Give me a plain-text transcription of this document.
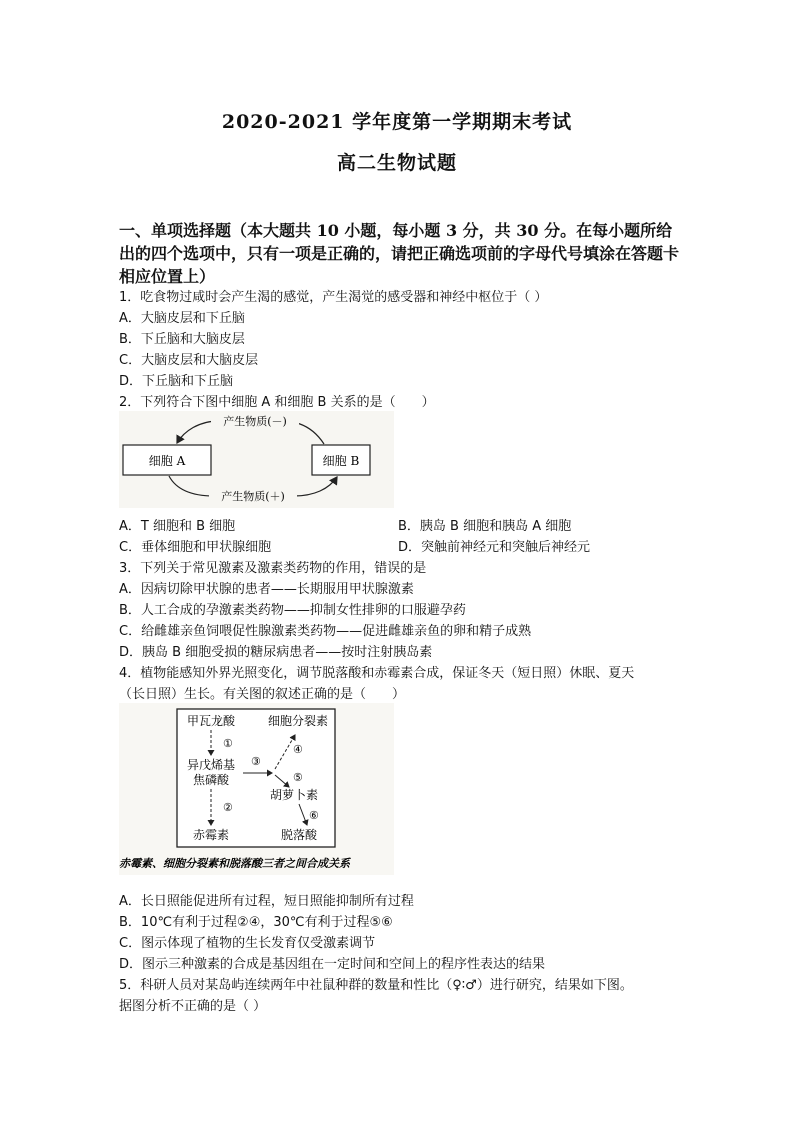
2020-2021 学年度第一学期期末考试
高二生物试题
一、单项选择题（本大题共 10 小题，每小题 3 分，共 30 分。在每小题所给出的四个选项中，只有一项是正确的，请把正确选项前的字母代号填涂在答题卡相应位置上）
1．吃食物过咸时会产生渴的感觉，产生渴觉的感受器和神经中枢位于（ ）
A．大脑皮层和下丘脑
B．下丘脑和大脑皮层
C．大脑皮层和大脑皮层
D．下丘脑和下丘脑
2．下列符合下图中细胞 A 和细胞 B 关系的是（　　）
细胞 A	细胞 B
产生物质(－)
产生物质(＋)
A．T 细胞和 B 细胞	B．胰岛 B 细胞和胰岛 A 细胞
C．垂体细胞和甲状腺细胞	D．突触前神经元和突触后神经元
3．下列关于常见激素及激素类药物的作用，错误的是
A．因病切除甲状腺的患者——长期服用甲状腺激素
B．人工合成的孕激素类药物——抑制女性排卵的口服避孕药
C．给雌雄亲鱼饲喂促性腺激素类药物——促进雌雄亲鱼的卵和精子成熟
D．胰岛 B 细胞受损的糖尿病患者——按时注射胰岛素
4．植物能感知外界光照变化，调节脱落酸和赤霉素合成，保证冬天（短日照）休眠、夏天
（长日照）生长。有关图的叙述正确的是（　　）
甲瓦龙酸	细胞分裂素
异戊烯基
焦磷酸
胡萝卜素
赤霉素	脱落酸
①
②
③
④
⑤
⑥
赤霉素、细胞分裂素和脱落酸三者之间合成关系
A．长日照能促进所有过程，短日照能抑制所有过程
B．10℃有利于过程②④，30℃有利于过程⑤⑥
C．图示体现了植物的生长发育仅受激素调节
D．图示三种激素的合成是基因组在一定时间和空间上的程序性表达的结果
5．科研人员对某岛屿连续两年中社鼠种群的数量和性比（♀∶♂）进行研究，结果如下图。
据图分析不正确的是（ ）
